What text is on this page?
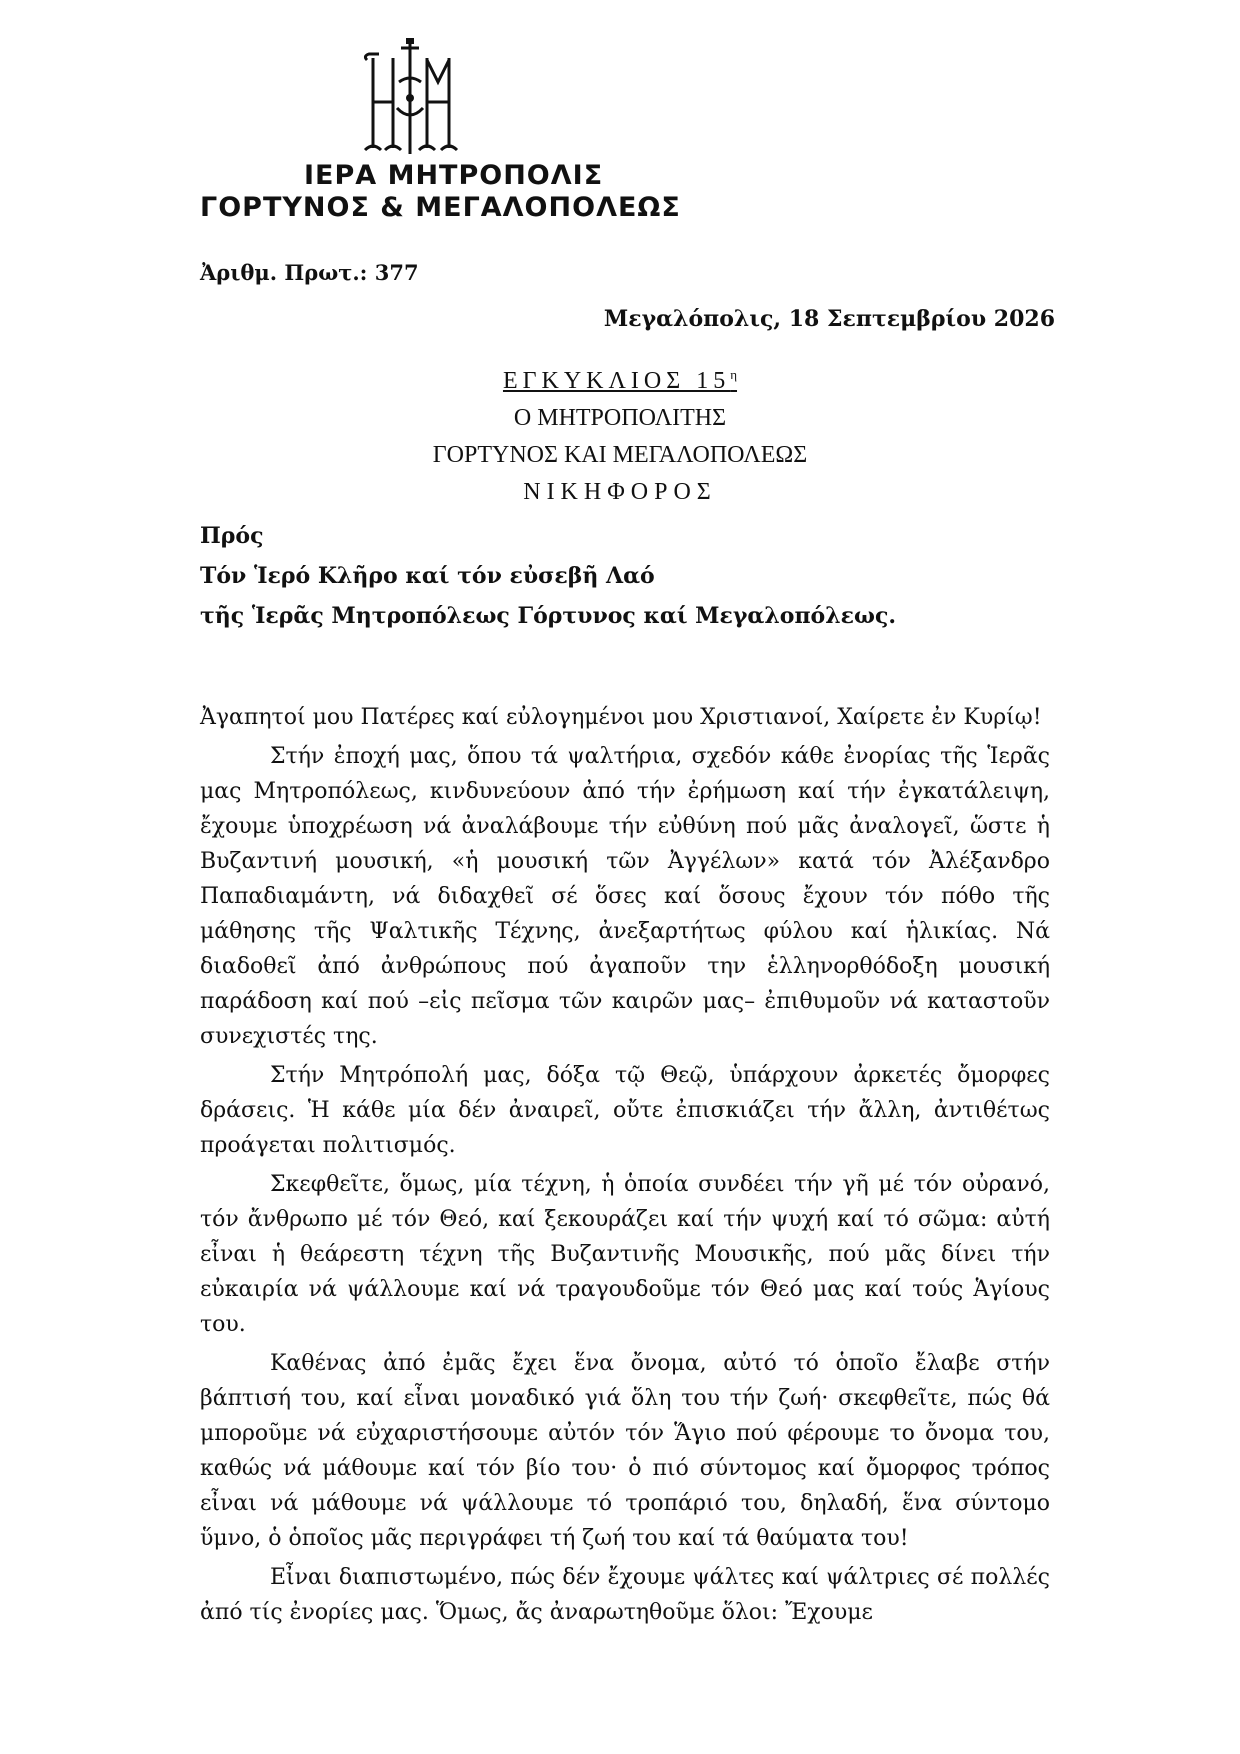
ΙΕΡΑ ΜΗΤΡΟΠΟΛΙΣ
ΓΟΡΤΥΝΟΣ & ΜΕΓΑΛΟΠΟΛΕΩΣ
Ἀριθμ. Πρωτ.: 377
Μεγαλόπολις, 18 Σεπτεμβρίου 2026
ΕΓΚΥΚΛΙΟΣ $15^\eta$
Ο ΜΗΤΡΟΠΟΛΙΤΗΣ
ΓΟΡΤΥΝΟΣ ΚΑΙ ΜΕΓΑΛΟΠΟΛΕΩΣ
ΝΙΚΗΦΟΡΟΣ
Πρός
Τόν Ἱερό Κλῆρο καί τόν εὐσεβῆ Λαό
τῆς Ἱερᾶς Μητροπόλεως Γόρτυνος καί Μεγαλοπόλεως.

Ἀγαπητοί μου Πατέρες καί εὐλογημένοι μου Χριστιανοί, Χαίρετε ἐν Κυρίῳ!

Στήν ἐποχή μας, ὅπου τά ψαλτήρια, σχεδόν κάθε ἐνορίας τῆς Ἱερᾶς μας Μητροπόλεως, κινδυνεύουν ἀπό τήν ἐρήμωση καί τήν ἐγκατάλειψη, ἔχουμε ὑποχρέωση νά ἀναλάβουμε τήν εὐθύνη πού μᾶς ἀναλογεῖ, ὥστε ἡ Βυζαντινή μουσική, «ἡ μουσική τῶν Ἀγγέλων» κατά τόν Ἀλέξανδρο Παπαδιαμάντη, νά διδαχθεῖ σέ ὅσες καί ὅσους ἔχουν τόν πόθο τῆς μάθησης τῆς Ψαλτικῆς Τέχνης, ἀνεξαρτήτως φύλου καί ἡλικίας. Νά διαδοθεῖ ἀπό ἀνθρώπους πού ἀγαποῦν την ἑλληνορθόδοξη μουσική παράδοση καί πού –εἰς πεῖσμα τῶν καιρῶν μας– ἐπιθυμοῦν νά καταστοῦν συνεχιστές της.

Στήν Μητρόπολή μας, δόξα τῷ Θεῷ, ὑπάρχουν ἀρκετές ὄμορφες δράσεις. Ἡ κάθε μία δέν ἀναιρεῖ, οὔτε ἐπισκιάζει τήν ἄλλη, ἀντιθέτως προάγεται πολιτισμός.

Σκεφθεῖτε, ὅμως, μία τέχνη, ἡ ὁποία συνδέει τήν γῆ μέ τόν οὐρανό, τόν ἄνθρωπο μέ τόν Θεό, καί ξεκουράζει καί τήν ψυχή καί τό σῶμα: αὐτή εἶναι ἡ θεάρεστη τέχνη τῆς Βυζαντινῆς Μουσικῆς, πού μᾶς δίνει τήν εὐκαιρία νά ψάλλουμε καί νά τραγουδοῦμε τόν Θεό μας καί τούς Ἁγίους του.

Καθένας ἀπό ἐμᾶς ἔχει ἕνα ὄνομα, αὐτό τό ὁποῖο ἔλαβε στήν βάπτισή του, καί εἶναι μοναδικό γιά ὅλη του τήν ζωή· σκεφθεῖτε, πώς θά μποροῦμε νά εὐχαριστήσουμε αὐτόν τόν Ἅγιο πού φέρουμε το ὄνομα του, καθώς νά μάθουμε καί τόν βίο του· ὁ πιό σύντομος καί ὄμορφος τρόπος εἶναι νά μάθουμε νά ψάλλουμε τό τροπάριό του, δηλαδή, ἕνα σύντομο ὕμνο, ὁ ὁποῖος μᾶς περιγράφει τή ζωή του καί τά θαύματα του!

Εἶναι διαπιστωμένο, πώς δέν ἔχουμε ψάλτες καί ψάλτριες σέ πολλές ἀπό τίς ἐνορίες μας. Ὅμως, ἄς ἀναρωτηθοῦμε ὅλοι: Ἔχουμε
